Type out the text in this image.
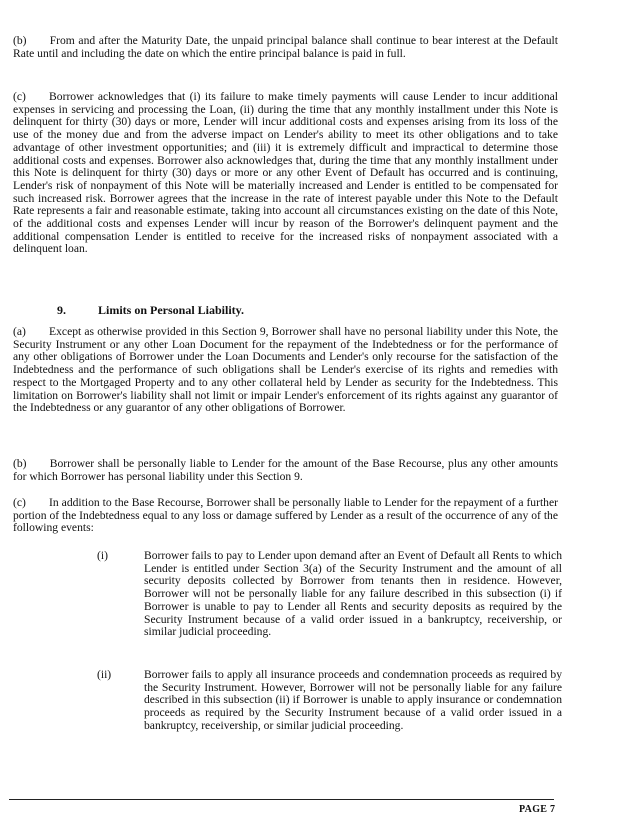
(b)  From and after the Maturity Date, the unpaid principal balance shall continue to bear interest at the Default Rate until and including the date on which the entire principal balance is paid in full.

(c)  Borrower acknowledges that (i) its failure to make timely payments will cause Lender to incur additional expenses in servicing and processing the Loan, (ii) during the time that any monthly installment under this Note is delinquent for thirty (30) days or more, Lender will incur additional costs and expenses arising from its loss of the use of the money due and from the adverse impact on Lender's ability to meet its other obligations and to take advantage of other investment opportunities; and (iii) it is extremely difficult and impractical to determine those additional costs and expenses. Borrower also acknowledges that, during the time that any monthly installment under this Note is delinquent for thirty (30) days or more or any other Event of Default has occurred and is continuing, Lender's risk of nonpayment of this Note will be materially increased and Lender is entitled to be compensated for such increased risk. Borrower agrees that the increase in the rate of interest payable under this Note to the Default Rate represents a fair and reasonable estimate, taking into account all circumstances existing on the date of this Note, of the additional costs and expenses Lender will incur by reason of the Borrower's delinquent payment and the additional compensation Lender is entitled to receive for the increased risks of nonpayment associated with a delinquent loan.

9.	Limits on Personal Liability.

(a)  Except as otherwise provided in this Section 9, Borrower shall have no personal liability under this Note, the Security Instrument or any other Loan Document for the repayment of the Indebtedness or for the performance of any other obligations of Borrower under the Loan Documents and Lender's only recourse for the satisfaction of the Indebtedness and the performance of such obligations shall be Lender's exercise of its rights and remedies with respect to the Mortgaged Property and to any other collateral held by Lender as security for the Indebtedness. This limitation on Borrower's liability shall not limit or impair Lender's enforcement of its rights against any guarantor of the Indebtedness or any guarantor of any other obligations of Borrower.

(b)  Borrower shall be personally liable to Lender for the amount of the Base Recourse, plus any other amounts for which Borrower has personal liability under this Section 9.

(c)  In addition to the Base Recourse, Borrower shall be personally liable to Lender for the repayment of a further portion of the Indebtedness equal to any loss or damage suffered by Lender as a result of the occurrence of any of the following events:

(i)	Borrower fails to pay to Lender upon demand after an Event of Default all Rents to which Lender is entitled under Section 3(a) of the Security Instrument and the amount of all security deposits collected by Borrower from tenants then in residence. However, Borrower will not be personally liable for any failure described in this subsection (i) if Borrower is unable to pay to Lender all Rents and security deposits as required by the Security Instrument because of a valid order issued in a bankruptcy, receivership, or similar judicial proceeding.
(ii)	Borrower fails to apply all insurance proceeds and condemnation proceeds as required by the Security Instrument. However, Borrower will not be personally liable for any failure described in this subsection (ii) if Borrower is unable to apply insurance or condemnation proceeds as required by the Security Instrument because of a valid order issued in a bankruptcy, receivership, or similar judicial proceeding.
PAGE 7
